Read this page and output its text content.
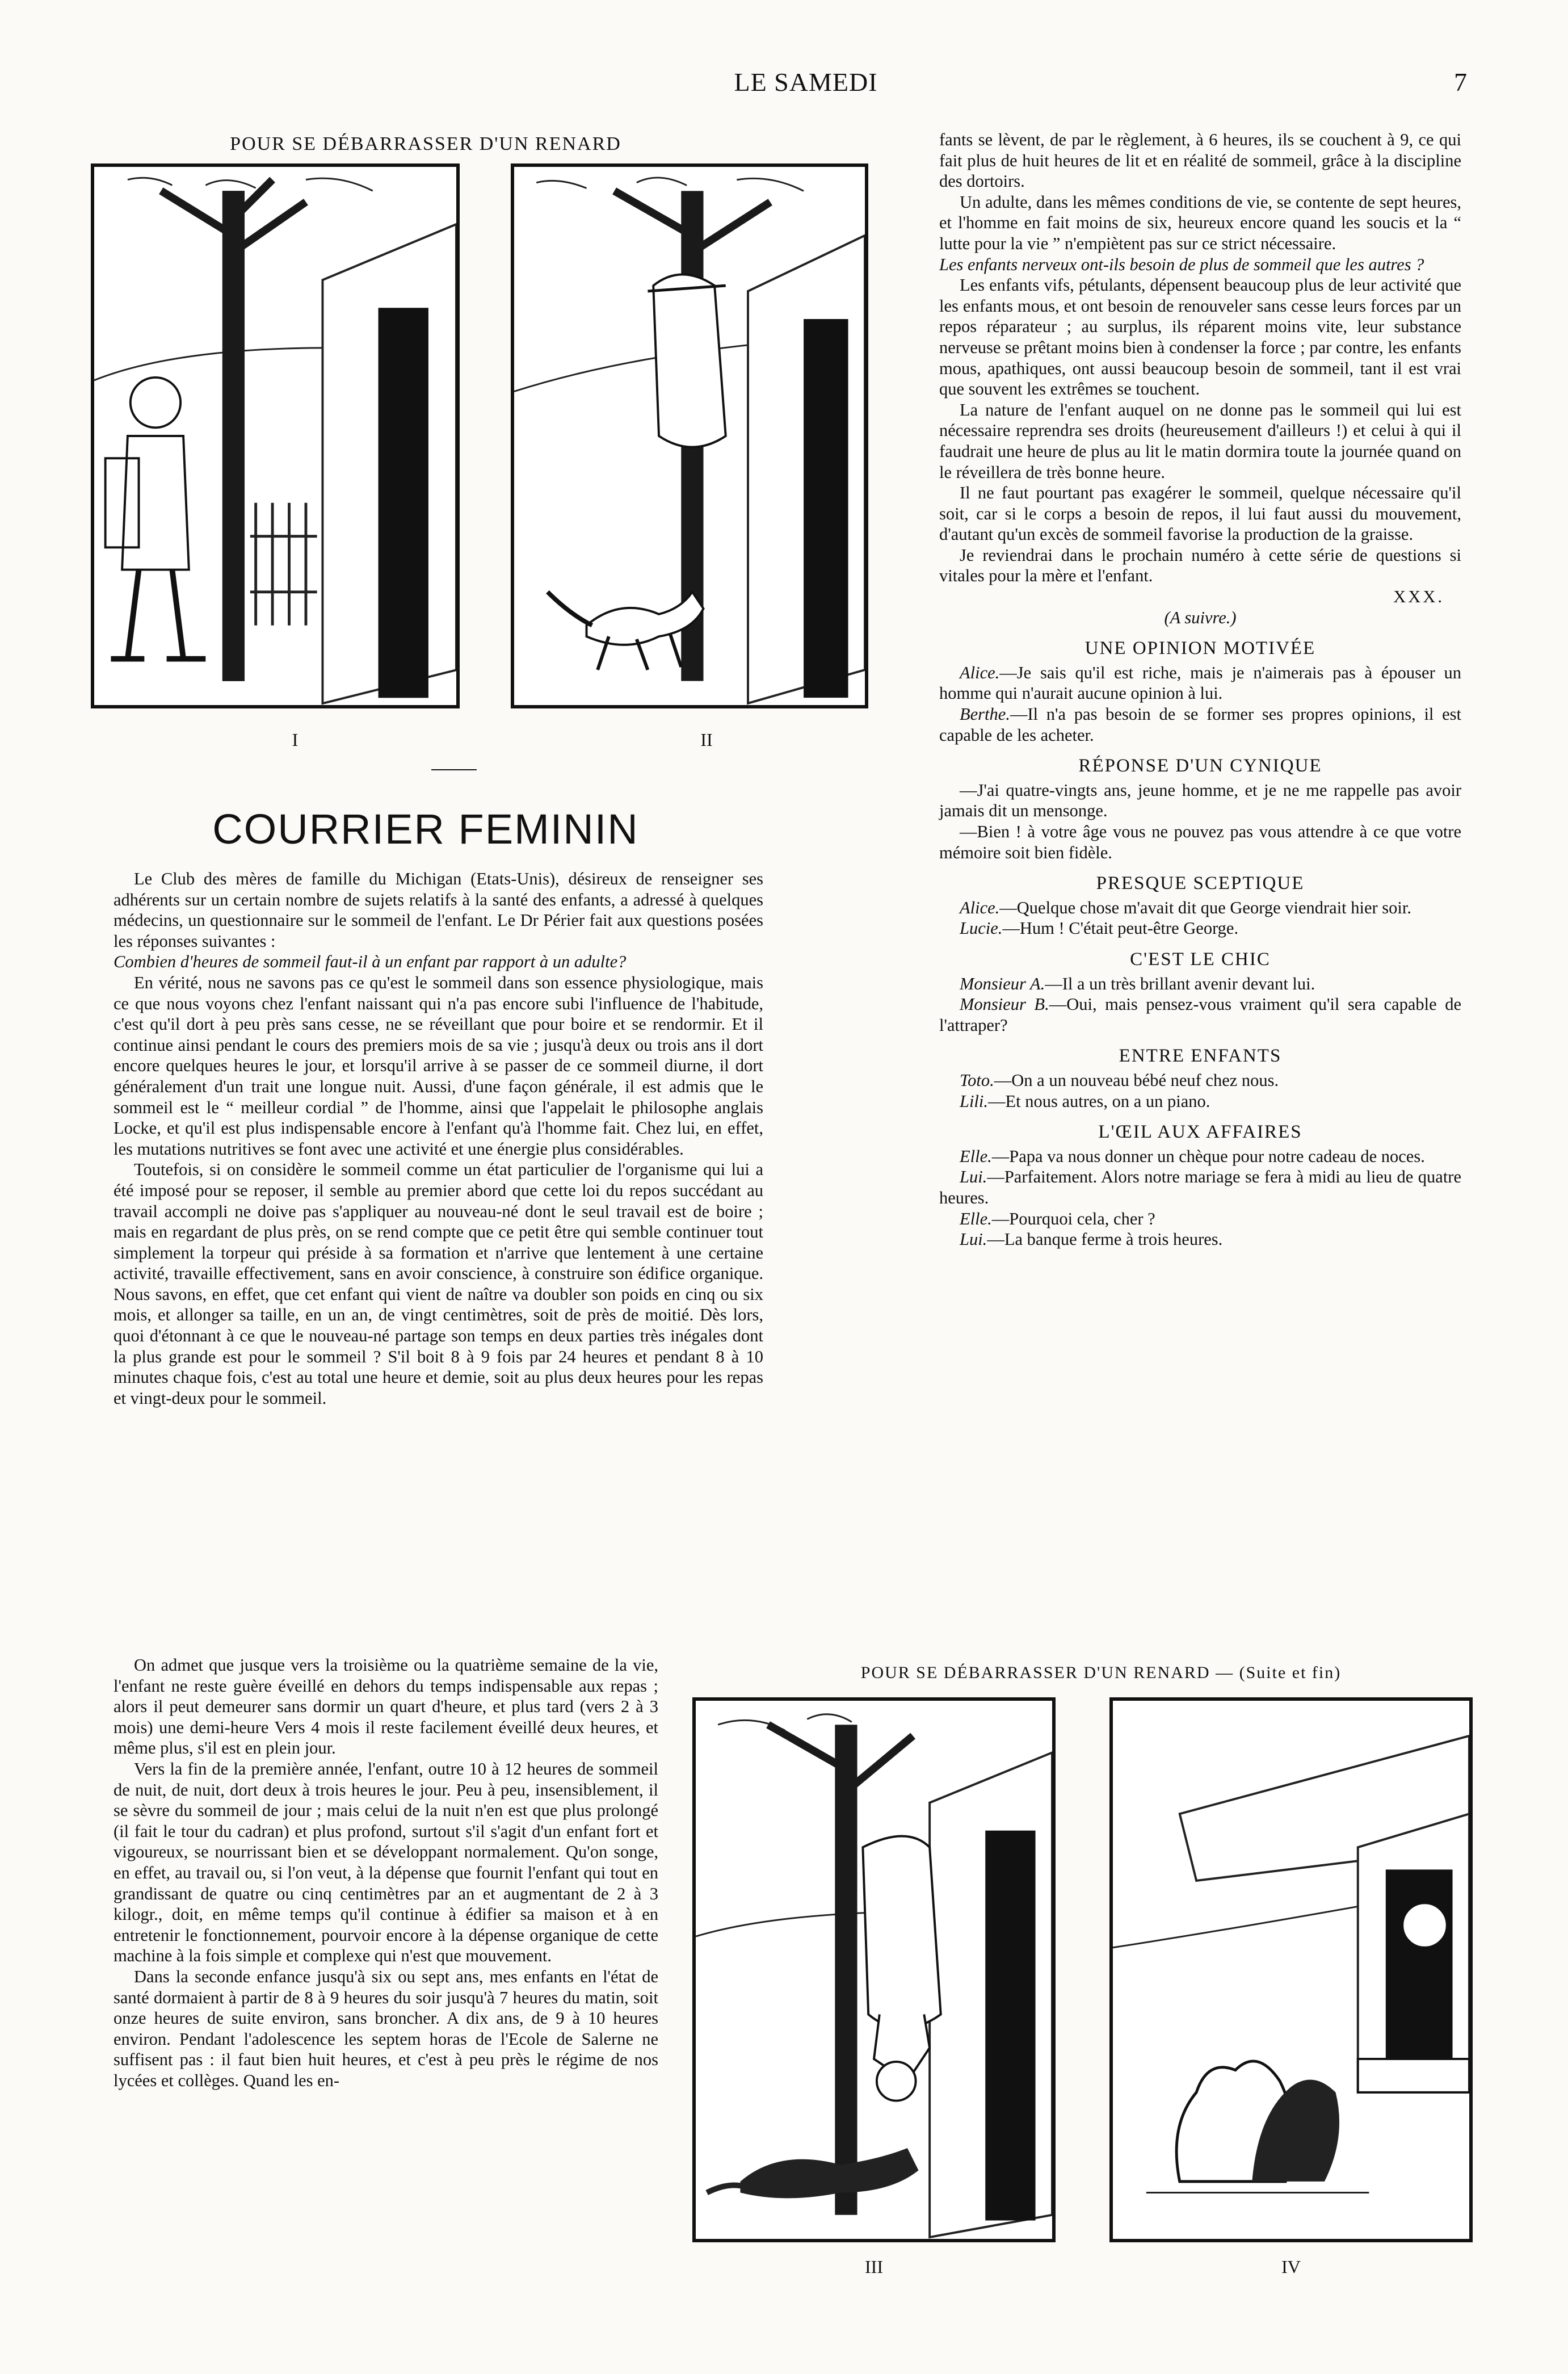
LE SAMEDI	7
POUR SE DÉBARRASSER D'UN RENARD
I	II
COURRIER FEMININ

Le Club des mères de famille du Michigan (Etats-Unis), désireux de renseigner ses adhérents sur un certain nombre de sujets relatifs à la santé des enfants, a adressé à quelques médecins, un questionnaire sur le sommeil de l'enfant. Le Dr Périer fait aux questions posées les réponses suivantes :

Combien d'heures de sommeil faut-il à un enfant par rapport à un adulte?

En vérité, nous ne savons pas ce qu'est le sommeil dans son essence physiologique, mais ce que nous voyons chez l'enfant naissant qui n'a pas encore subi l'influence de l'habitude, c'est qu'il dort à peu près sans cesse, ne se réveillant que pour boire et se rendormir. Et il continue ainsi pendant le cours des premiers mois de sa vie ; jusqu'à deux ou trois ans il dort encore quelques heures le jour, et lorsqu'il arrive à se passer de ce sommeil diurne, il dort généralement d'un trait une longue nuit. Aussi, d'une façon générale, il est admis que le sommeil est le “ meilleur cordial ” de l'homme, ainsi que l'appelait le philosophe anglais Locke, et qu'il est plus indispensable encore à l'enfant qu'à l'homme fait. Chez lui, en effet, les mutations nutritives se font avec une activité et une énergie plus considérables.

Toutefois, si on considère le sommeil comme un état particulier de l'organisme qui lui a été imposé pour se reposer, il semble au premier abord que cette loi du repos succédant au travail accompli ne doive pas s'appliquer au nouveau-né dont le seul travail est de boire ; mais en regardant de plus près, on se rend compte que ce petit être qui semble continuer tout simplement la torpeur qui préside à sa formation et n'arrive que lentement à une certaine activité, travaille effectivement, sans en avoir conscience, à construire son édifice organique. Nous savons, en effet, que cet enfant qui vient de naître va doubler son poids en cinq ou six mois, et allonger sa taille, en un an, de vingt centimètres, soit de près de moitié. Dès lors, quoi d'étonnant à ce que le nouveau-né partage son temps en deux parties très inégales dont la plus grande est pour le sommeil ? S'il boit 8 à 9 fois par 24 heures et pendant 8 à 10 minutes chaque fois, c'est au total une heure et demie, soit au plus deux heures pour les repas et vingt-deux pour le sommeil.

On admet que jusque vers la troisième ou la quatrième semaine de la vie, l'enfant ne reste guère éveillé en dehors du temps indispensable aux repas ; alors il peut demeurer sans dormir un quart d'heure, et plus tard (vers 2 à 3 mois) une demi-heure Vers 4 mois il reste facilement éveillé deux heures, et même plus, s'il est en plein jour.

Vers la fin de la première année, l'enfant, outre 10 à 12 heures de sommeil de nuit, de nuit, dort deux à trois heures le jour. Peu à peu, insensiblement, il se sèvre du sommeil de jour ; mais celui de la nuit n'en est que plus prolongé (il fait le tour du cadran) et plus profond, surtout s'il s'agit d'un enfant fort et vigoureux, se nourrissant bien et se développant normalement. Qu'on songe, en effet, au travail ou, si l'on veut, à la dépense que fournit l'enfant qui tout en grandissant de quatre ou cinq centimètres par an et augmentant de 2 à 3 kilogr., doit, en même temps qu'il continue à édifier sa maison et à en entretenir le fonctionnement, pourvoir encore à la dépense organique de cette machine à la fois simple et complexe qui n'est que mouvement.

Dans la seconde enfance jusqu'à six ou sept ans, mes enfants en l'état de santé dormaient à partir de 8 à 9 heures du soir jusqu'à 7 heures du matin, soit onze heures de suite environ, sans broncher. A dix ans, de 9 à 10 heures environ. Pendant l'adolescence les septem horas de l'Ecole de Salerne ne suffisent pas : il faut bien huit heures, et c'est à peu près le régime de nos lycées et collèges. Quand les en-

fants se lèvent, de par le règlement, à 6 heures, ils se couchent à 9, ce qui fait plus de huit heures de lit et en réalité de sommeil, grâce à la discipline des dortoirs.

Un adulte, dans les mêmes conditions de vie, se contente de sept heures, et l'homme en fait moins de six, heureux encore quand les soucis et la “ lutte pour la vie ” n'empiètent pas sur ce strict nécessaire.

Les enfants nerveux ont-ils besoin de plus de sommeil que les autres ?

Les enfants vifs, pétulants, dépensent beaucoup plus de leur activité que les enfants mous, et ont besoin de renouveler sans cesse leurs forces par un repos réparateur ; au surplus, ils réparent moins vite, leur substance nerveuse se prêtant moins bien à condenser la force ; par contre, les enfants mous, apathiques, ont aussi beaucoup besoin de sommeil, tant il est vrai que souvent les extrêmes se touchent.

La nature de l'enfant auquel on ne donne pas le sommeil qui lui est nécessaire reprendra ses droits (heureusement d'ailleurs !) et celui à qui il faudrait une heure de plus au lit le matin dormira toute la journée quand on le réveillera de très bonne heure.

Il ne faut pourtant pas exagérer le sommeil, quelque nécessaire qu'il soit, car si le corps a besoin de repos, il lui faut aussi du mouvement, d'autant qu'un excès de sommeil favorise la production de la graisse.

Je reviendrai dans le prochain numéro à cette série de questions si vitales pour la mère et l'enfant.

XXX.
(A suivre.)
UNE OPINION MOTIVÉE

Alice.—Je sais qu'il est riche, mais je n'aimerais pas à épouser un homme qui n'aurait aucune opinion à lui.

Berthe.—Il n'a pas besoin de se former ses propres opinions, il est capable de les acheter.

RÉPONSE D'UN CYNIQUE

—J'ai quatre-vingts ans, jeune homme, et je ne me rappelle pas avoir jamais dit un mensonge.

—Bien ! à votre âge vous ne pouvez pas vous attendre à ce que votre mémoire soit bien fidèle.

PRESQUE SCEPTIQUE

Alice.—Quelque chose m'avait dit que George viendrait hier soir.

Lucie.—Hum ! C'était peut-être George.

C'EST LE CHIC

Monsieur A.—Il a un très brillant avenir devant lui.

Monsieur B.—Oui, mais pensez-vous vraiment qu'il sera capable de l'attraper?

ENTRE ENFANTS

Toto.—On a un nouveau bébé neuf chez nous.

Lili.—Et nous autres, on a un piano.

L'ŒIL AUX AFFAIRES

Elle.—Papa va nous donner un chèque pour notre cadeau de noces.

Lui.—Parfaitement. Alors notre mariage se fera à midi au lieu de quatre heures.

Elle.—Pourquoi cela, cher ?

Lui.—La banque ferme à trois heures.

POUR SE DÉBARRASSER D'UN RENARD — (Suite et fin)
III	IV
